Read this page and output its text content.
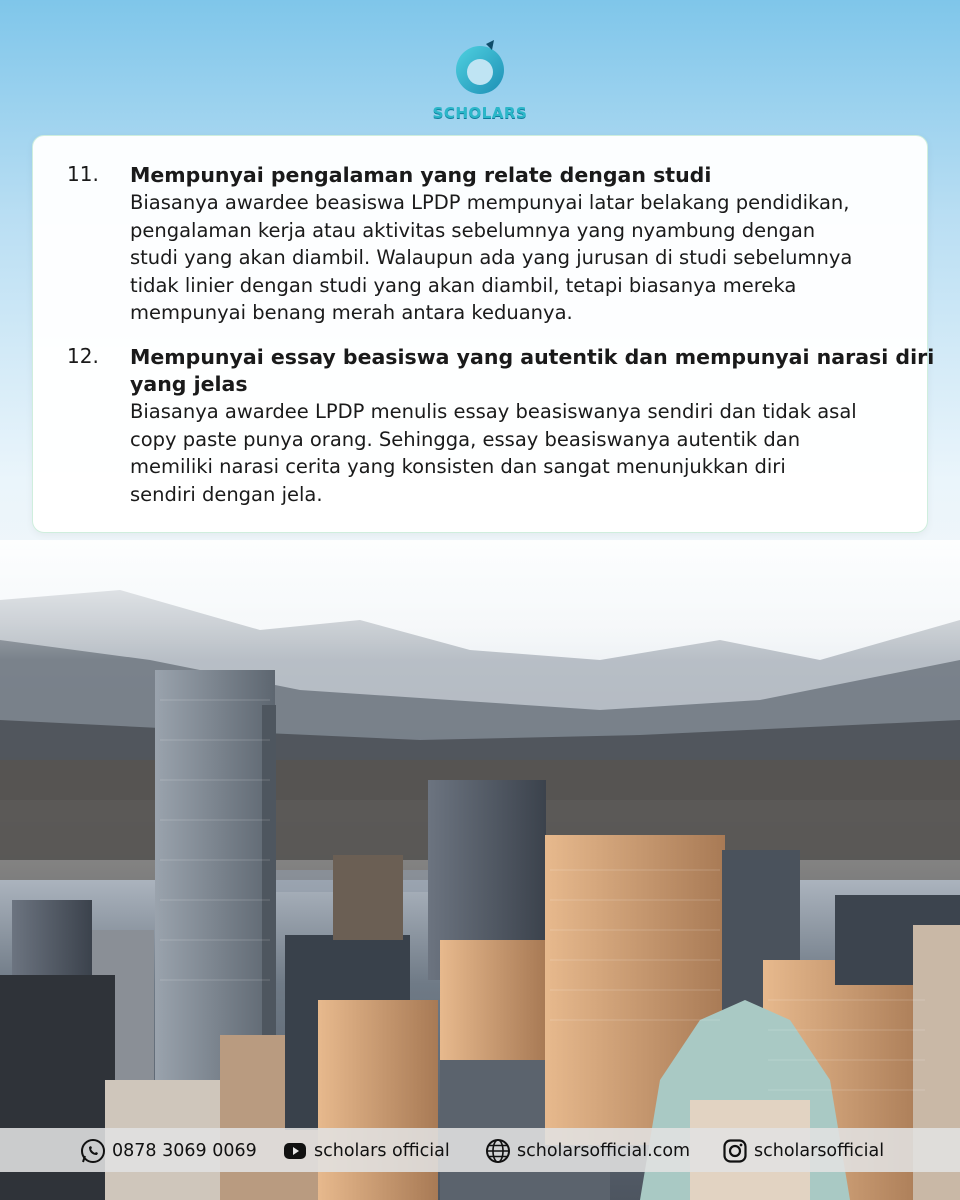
SCHOLARS
11. Mempunyai pengalaman yang relate dengan studi
Biasanya awardee beasiswa LPDP mempunyai latar belakang pendidikan,
pengalaman kerja atau aktivitas sebelumnya yang nyambung dengan
studi yang akan diambil. Walaupun ada yang jurusan di studi sebelumnya
tidak linier dengan studi yang akan diambil, tetapi biasanya mereka
mempunyai benang merah antara keduanya.
12. Mempunyai essay beasiswa yang autentik dan mempunyai narasi diri
yang jelas
Biasanya awardee LPDP menulis essay beasiswanya sendiri dan tidak asal
copy paste punya orang. Sehingga, essay beasiswanya autentik dan
memiliki narasi cerita yang konsisten dan sangat menunjukkan diri
sendiri dengan jela.
0878 3069 0069	scholars official	scholarsofficial.com	scholarsofficial
